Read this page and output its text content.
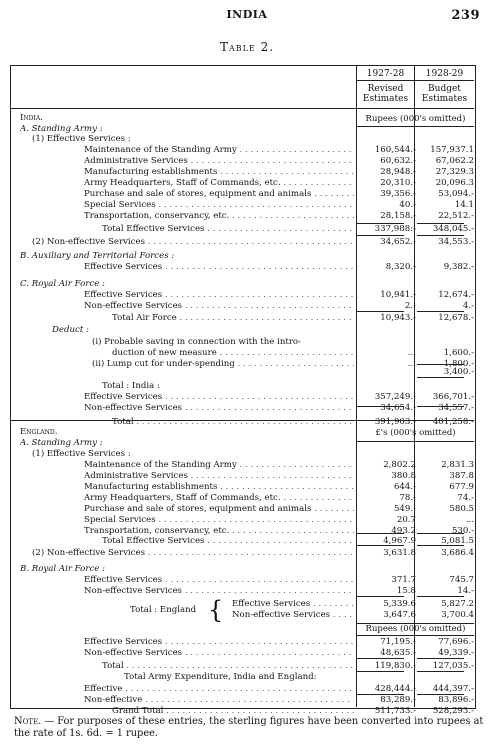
INDIA	239
Table 2.
1927-28	1928-29
Revised
Estimates
Budget
Estimates
India.	Rupees (000's omitted)
A. Standing Army :
(1) Effective Services :
Maintenance of the Standing Army . . .	160,544.-	157,937.1
Administrative Services . . .	60,632.-	67,062.2
Manufacturing establishments . . .	28,948.-	27,329.3
Army Headquarters, Staff of Commands, etc. . . .	20,310.-	20,096.3
Purchase and sale of stores, equipment and animals . . .	39,356.-	53,094.-
Special Services . . .	40.-	14.1
Transportation, conservancy, etc. . . .	28,158.-	22,512.-
Total Effective Services . . .	337,988:-	348,045.-
(2) Non-effective Services . . .	34,652.-	34,553.-
B. Auxiliary and Territorial Forces :
Effective Services . . .	8,320.-	9,382.-
C. Royal Air Force :
Effective Services . . .	10,941.-	12,674.-
Non-effective Services . . .	2.-	4.-
Total Air Force . . .	10,943.-	12,678.-
Deduct :
(i) Probable saving in connection with the intro-
duction of new measure . . .	...	1,600.-
(ii) Lump cut for under-spending . . .	...	1,800.-
3,400.-
Total : India :
Effective Services . . .	357,249.-	366,701.-
Non-effective Services . . .	34,654.-	34,557.-
Total . . .	391,903.-	401,258.-
England.	£'s (000's omitted)
A. Standing Army :
(1) Effective Services :
Maintenance of the Standing Army . . .	2,802.2	2,831.3
Administrative Services . . .	380.8	387.8
Manufacturing establishments . . .	644.-	677.9
Army Headquarters, Staff of Commands, etc. . . .	78.-	74.-
Purchase and sale of stores, equipment and animals . . .	549.-	580.5
Special Services . . .	20.7	...
Transportation, conservancy, etc. . . .	493.2	530.-
Total Effective Services . . .	4,967.9	5,081.5
(2) Non-effective Services . . .	3,631.8	3,686.4
B. Royal Air Force :
Effective Services . . .	371.7	745.7
Non-effective Services . . .	15.8	14.-
Total : England { Effective Services . . .	5,339.6	5,827.2
Non-effective Services . . .	3,647.6	3,700.4
Rupees (000's omitted)
Effective Services . . .	71,195.-	77,696.-
Non-effective Services . . .	48,635.-	49,339.-
Total . . .	119,830.-	127,035.-
Total Army Expenditure, India and England:
Effective . . .	428,444.-	444,397.-
Non-effective . . .	83,289.-	83,896.-
Grand Total . . .	511,733.-	528,293.-
Note. — For purposes of these entries, the sterling figures have been converted into rupees at the rate of 1s. 6d. = 1 rupee.
